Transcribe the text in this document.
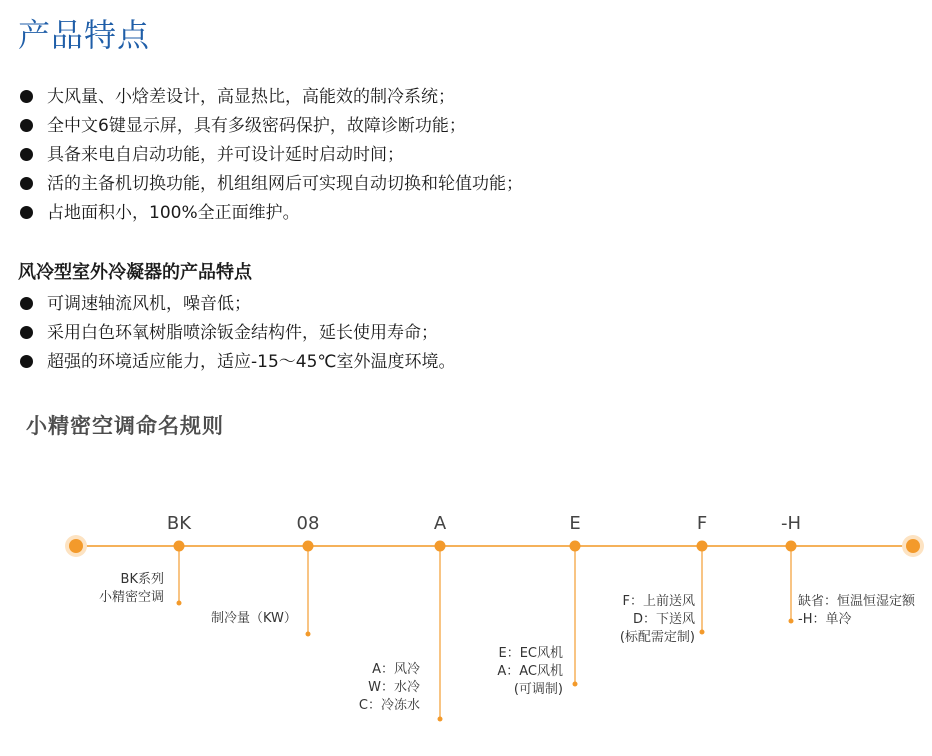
产品特点
大风量、小焓差设计，高显热比，高能效的制冷系统；
全中文6键显示屏，具有多级密码保护，故障诊断功能；
具备来电自启动功能，并可设计延时启动时间；
活的主备机切换功能，机组组网后可实现自动切换和轮值功能；
占地面积小，100%全正面维护。
风冷型室外冷凝器的产品特点
可调速轴流风机，噪音低；
采用白色环氧树脂喷涂钣金结构件，延长使用寿命；
超强的环境适应能力，适应-15～45℃室外温度环境。
小精密空调命名规则
BK
BK系列
小精密空调
08
制冷量（KW）
A
A：风冷
W：水冷
C：冷冻水
E
E：EC风机
A：AC风机
(可调制)
F
F：上前送风
D：下送风
(标配需定制)
-H
缺省：恒温恒湿定额
-H：单冷
